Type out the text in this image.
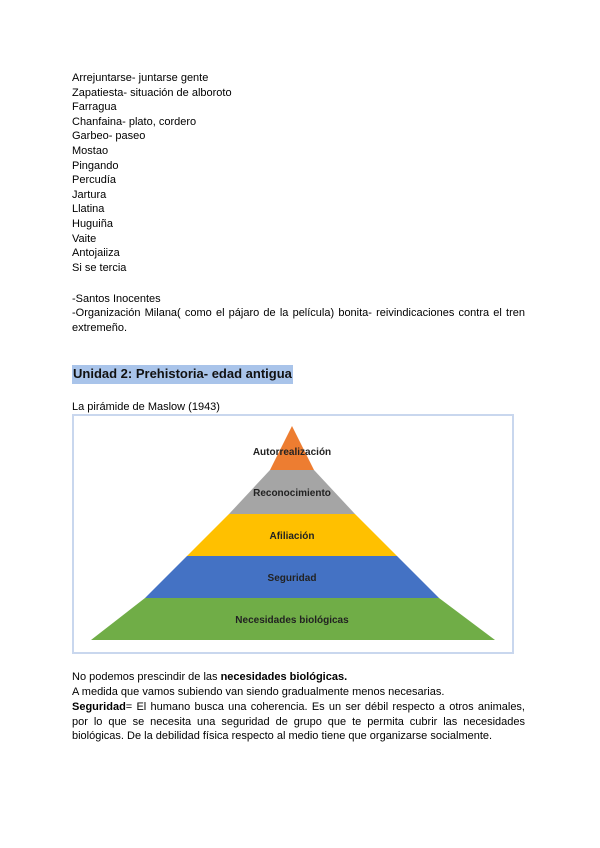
Arrejuntarse- juntarse gente
Zapatiesta- situación de alboroto
Farragua
Chanfaina- plato, cordero
Garbeo- paseo
Mostao
Pingando
Percudía
Jartura
Llatina
Huguiña
Vaite
Antojaiiza
Si se tercia
-Santos Inocentes
-Organización Milana( como el pájaro de la película) bonita- reivindicaciones contra el tren extremeño.
Unidad 2: Prehistoria- edad antigua
La pirámide de Maslow (1943)
Autorrealización
Reconocimiento
Afiliación
Seguridad
Necesidades biológicas
No podemos prescindir de las necesidades biológicas.
A medida que vamos subiendo van siendo gradualmente menos necesarias.
Seguridad= El humano busca una coherencia. Es un ser débil respecto a otros animales, por lo que se necesita una seguridad de grupo que te permita cubrir las necesidades biológicas. De la debilidad física respecto al medio tiene que organizarse socialmente.
